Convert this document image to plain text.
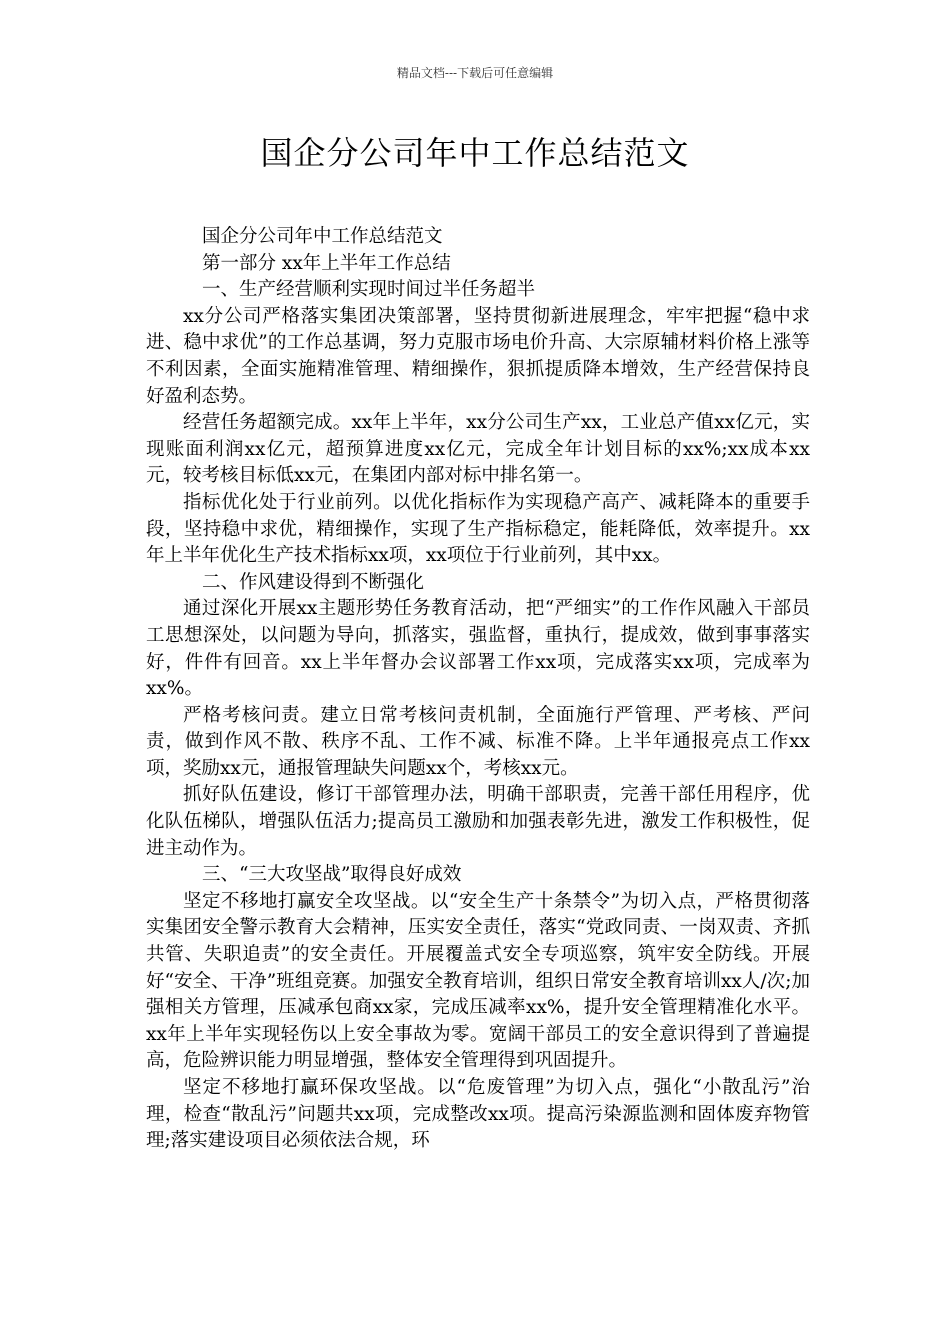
精品文档---下载后可任意编辑
国企分公司年中工作总结范文

国企分公司年中工作总结范文

第一部分 xx年上半年工作总结

一、生产经营顺利实现时间过半任务超半

xx分公司严格落实集团决策部署，坚持贯彻新进展理念，牢牢把握“稳中求进、稳中求优”的工作总基调，努力克服市场电价升高、大宗原辅材料价格上涨等不利因素，全面实施精准管理、精细操作，狠抓提质降本增效，生产经营保持良好盈利态势。

经营任务超额完成。xx年上半年，xx分公司生产xx，工业总产值xx亿元，实现账面利润xx亿元，超预算进度xx亿元，完成全年计划目标的xx%;xx成本xx元，较考核目标低xx元，在集团内部对标中排名第一。

指标优化处于行业前列。以优化指标作为实现稳产高产、减耗降本的重要手段，坚持稳中求优，精细操作，实现了生产指标稳定，能耗降低，效率提升。xx年上半年优化生产技术指标xx项，xx项位于行业前列，其中xx。

二、作风建设得到不断强化

通过深化开展xx主题形势任务教育活动，把“严细实”的工作作风融入干部员工思想深处，以问题为导向，抓落实，强监督，重执行，提成效，做到事事落实好，件件有回音。xx上半年督办会议部署工作xx项，完成落实xx项，完成率为xx%。

严格考核问责。建立日常考核问责机制，全面施行严管理、严考核、严问责，做到作风不散、秩序不乱、工作不减、标准不降。上半年通报亮点工作xx项，奖励xx元，通报管理缺失问题xx个，考核xx元。

抓好队伍建设，修订干部管理办法，明确干部职责，完善干部任用程序，优化队伍梯队，增强队伍活力;提高员工激励和加强表彰先进，激发工作积极性，促进主动作为。

三、“三大攻坚战”取得良好成效

坚定不移地打赢安全攻坚战。以“安全生产十条禁令”为切入点，严格贯彻落实集团安全警示教育大会精神，压实安全责任，落实“党政同责、一岗双责、齐抓共管、失职追责”的安全责任。开展覆盖式安全专项巡察，筑牢安全防线。开展好“安全、干净”班组竞赛。加强安全教育培训，组织日常安全教育培训xx人/次;加强相关方管理，压减承包商xx家，完成压减率xx%，提升安全管理精准化水平。xx年上半年实现轻伤以上安全事故为零。宽阔干部员工的安全意识得到了普遍提高，危险辨识能力明显增强，整体安全管理得到巩固提升。

坚定不移地打赢环保攻坚战。以“危废管理”为切入点，强化“小散乱污”治理，检查“散乱污”问题共xx项，完成整改xx项。提高污染源监测和固体废弃物管理;落实建设项目必须依法合规，环
